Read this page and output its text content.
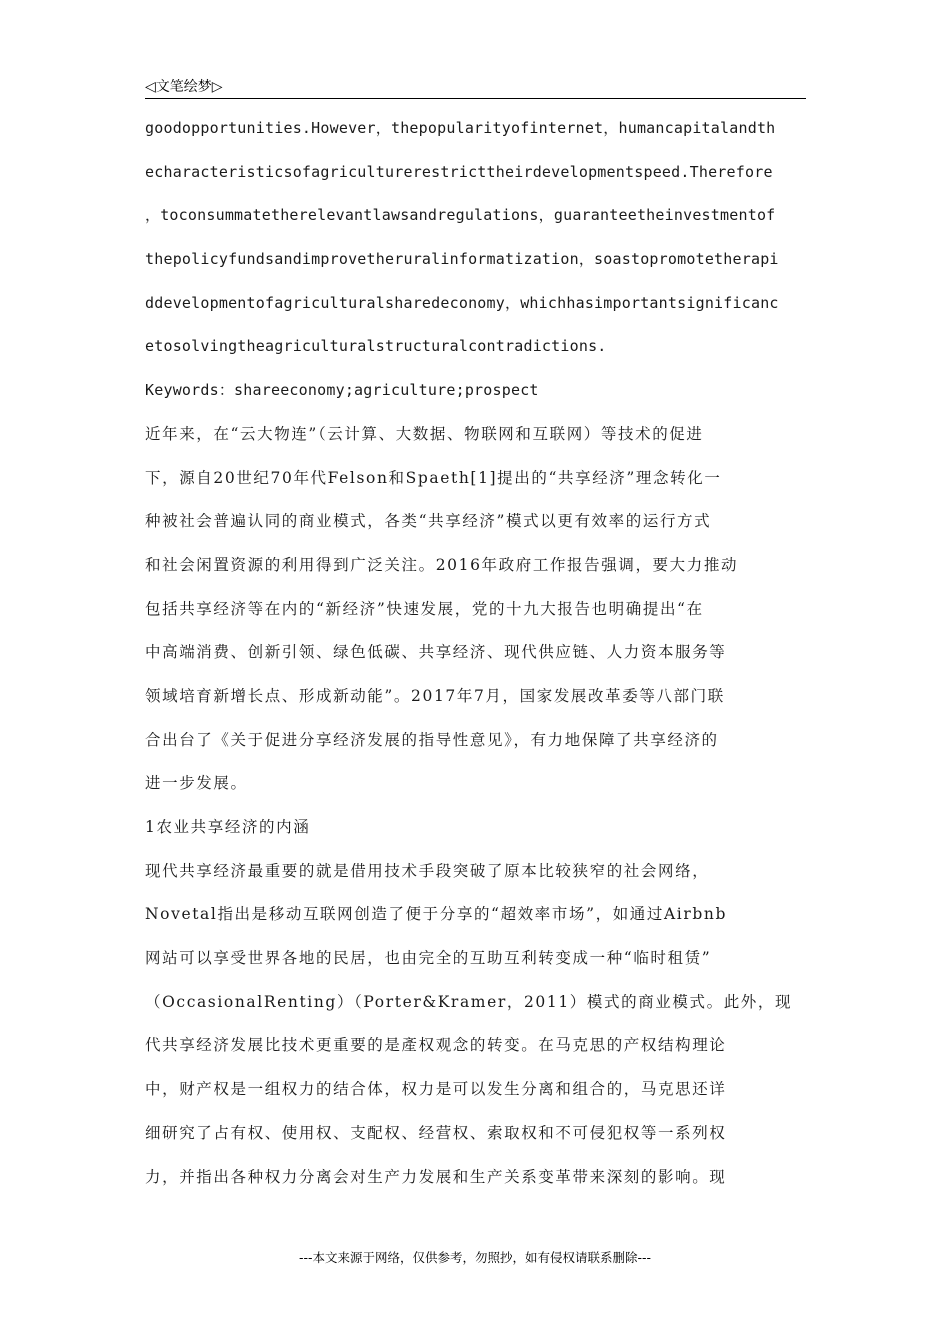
◁文笔绘梦▷
goodopportunities.However，thepopularityofinternet，humancapitalandth
echaracteristicsofagriculturerestricttheirdevelopmentspeed.Therefore
，toconsummatetherelevantlawsandregulations，guaranteetheinvestmentof
thepolicyfundsandimprovetheruralinformatization，soastopromotetherapi
ddevelopmentofagriculturalsharedeconomy，whichhasimportantsignificanc
etosolvingtheagriculturalstructuralcontradictions.
Keywords：shareeconomy;agriculture;prospect
近年来，在“云大物连”（云计算、大数据、物联网和互联网）等技术的促进
下，源自20世纪70年代Felson和Spaeth[1]提出的“共享经济”理念转化一
种被社会普遍认同的商业模式，各类“共享经济”模式以更有效率的运行方式
和社会闲置资源的利用得到广泛关注。2016年政府工作报告强调，要大力推动
包括共享经济等在内的“新经济”快速发展，党的十九大报告也明确提出“在
中高端消费、创新引领、绿色低碳、共享经济、现代供应链、人力资本服务等
领域培育新增长点、形成新动能”。2017年7月，国家发展改革委等八部门联
合出台了《关于促进分享经济发展的指导性意见》，有力地保障了共享经济的
进一步发展。
1农业共享经济的内涵
现代共享经济最重要的就是借用技术手段突破了原本比较狭窄的社会网络，
Novetal指出是移动互联网创造了便于分享的“超效率市场”，如通过Airbnb
网站可以享受世界各地的民居，也由完全的互助互利转变成一种“临时租赁”
（OccasionalRenting）（Porter&Kramer，2011）模式的商业模式。此外，现
代共享经济发展比技术更重要的是產权观念的转变。在马克思的产权结构理论
中，财产权是一组权力的结合体，权力是可以发生分离和组合的，马克思还详
细研究了占有权、使用权、支配权、经营权、索取权和不可侵犯权等一系列权
力，并指出各种权力分离会对生产力发展和生产关系变革带来深刻的影响。现
---本文来源于网络，仅供参考，勿照抄，如有侵权请联系删除---
